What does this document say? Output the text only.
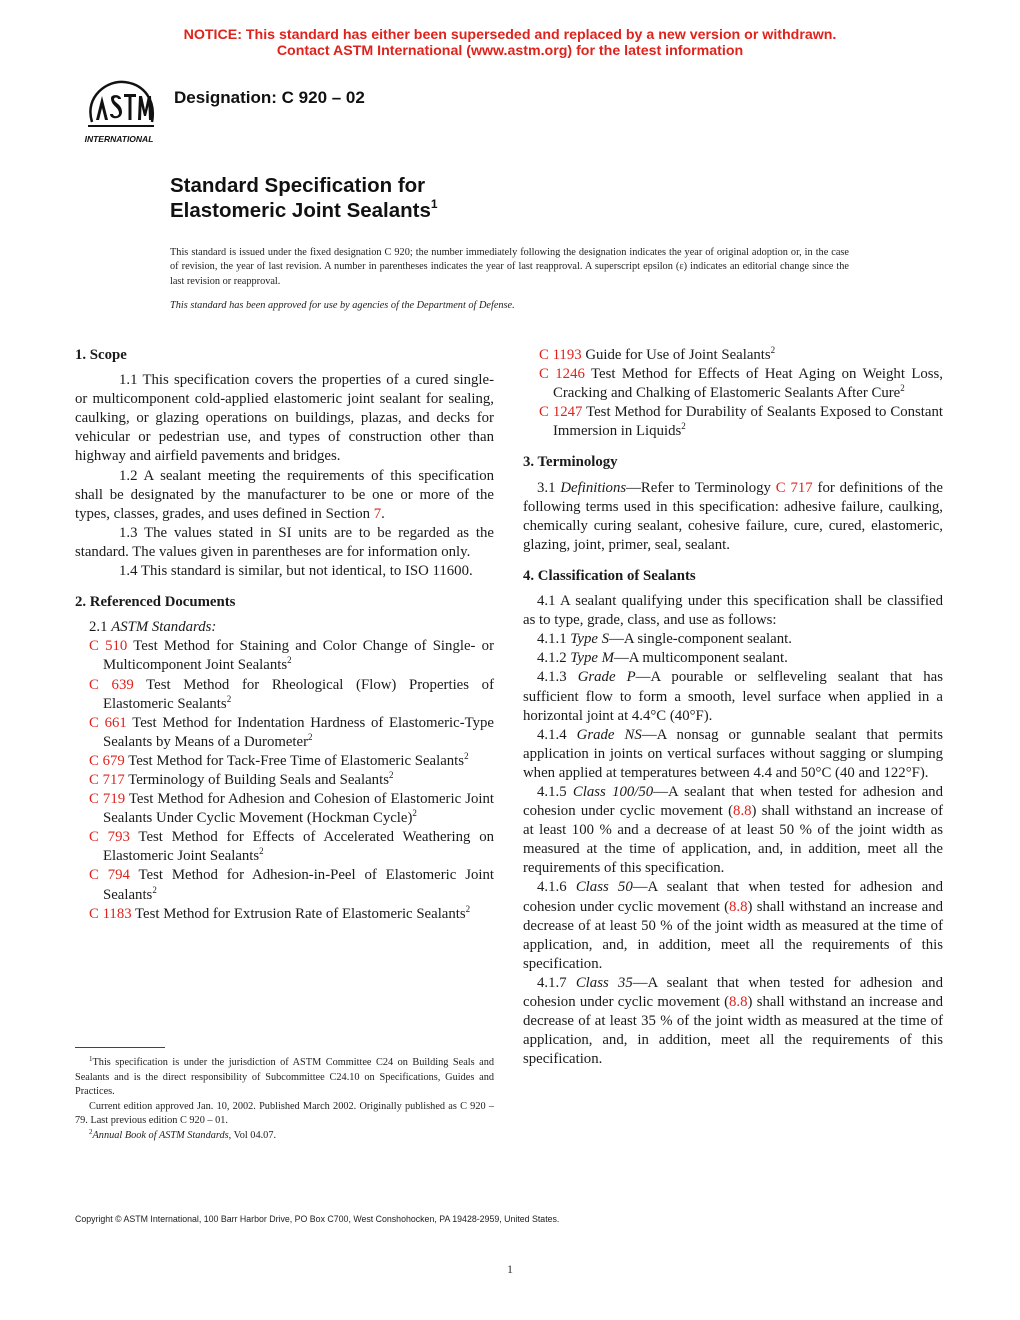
NOTICE: This standard has either been superseded and replaced by a new version or withdrawn.
Contact ASTM International (www.astm.org) for the latest information
INTERNATIONAL
Designation: C 920 – 02
Standard Specification for
Elastomeric Joint Sealants$^1$
This standard is issued under the fixed designation C 920; the number immediately following the designation indicates the year of original adoption or, in the case of revision, the year of last revision. A number in parentheses indicates the year of last reapproval. A superscript epsilon (ε) indicates an editorial change since the last revision or reapproval.
This standard has been approved for use by agencies of the Department of Defense.
1. Scope

1.1 This specification covers the properties of a cured single- or multicomponent cold-applied elastomeric joint sealant for sealing, caulking, or glazing operations on buildings, plazas, and decks for vehicular or pedestrian use, and types of construction other than highway and airfield pavements and bridges.

1.2 A sealant meeting the requirements of this specification shall be designated by the manufacturer to be one or more of the types, classes, grades, and uses defined in Section 7.

1.3 The values stated in SI units are to be regarded as the standard. The values given in parentheses are for information only.

1.4 This standard is similar, but not identical, to ISO 11600.

2. Referenced Documents

2.1 ASTM Standards:

C 510 Test Method for Staining and Color Change of Single- or Multicomponent Joint Sealants$^2$

C 639 Test Method for Rheological (Flow) Properties of Elastomeric Sealants$^2$

C 661 Test Method for Indentation Hardness of Elastomeric-Type Sealants by Means of a Durometer$^2$

C 679 Test Method for Tack-Free Time of Elastomeric Sealants$^2$

C 717 Terminology of Building Seals and Sealants$^2$

C 719 Test Method for Adhesion and Cohesion of Elastomeric Joint Sealants Under Cyclic Movement (Hockman Cycle)$^2$

C 793 Test Method for Effects of Accelerated Weathering on Elastomeric Joint Sealants$^2$

C 794 Test Method for Adhesion-in-Peel of Elastomeric Joint Sealants$^2$

C 1183 Test Method for Extrusion Rate of Elastomeric Sealants$^2$

C 1193 Guide for Use of Joint Sealants$^2$

C 1246 Test Method for Effects of Heat Aging on Weight Loss, Cracking and Chalking of Elastomeric Sealants After Cure$^2$

C 1247 Test Method for Durability of Sealants Exposed to Constant Immersion in Liquids$^2$

3. Terminology

3.1 Definitions—Refer to Terminology C 717 for definitions of the following terms used in this specification: adhesive failure, caulking, chemically curing sealant, cohesive failure, cure, cured, elastomeric, glazing, joint, primer, seal, sealant.

4. Classification of Sealants

4.1 A sealant qualifying under this specification shall be classified as to type, grade, class, and use as follows:

4.1.1 Type S—A single-component sealant.

4.1.2 Type M—A multicomponent sealant.

4.1.3 Grade P—A pourable or selfleveling sealant that has sufficient flow to form a smooth, level surface when applied in a horizontal joint at 4.4°C (40°F).

4.1.4 Grade NS—A nonsag or gunnable sealant that permits application in joints on vertical surfaces without sagging or slumping when applied at temperatures between 4.4 and 50°C (40 and 122°F).

4.1.5 Class 100/50—A sealant that when tested for adhesion and cohesion under cyclic movement (8.8) shall withstand an increase of at least 100 % and a decrease of at least 50 % of the joint width as measured at the time of application, and, in addition, meet all the requirements of this specification.

4.1.6 Class 50—A sealant that when tested for adhesion and cohesion under cyclic movement (8.8) shall withstand an increase and decrease of at least 50 % of the joint width as measured at the time of application, and, in addition, meet all the requirements of this specification.

4.1.7 Class 35—A sealant that when tested for adhesion and cohesion under cyclic movement (8.8) shall withstand an increase and decrease of at least 35 % of the joint width as measured at the time of application, and, in addition, meet all the requirements of this specification.

$^1$This specification is under the jurisdiction of ASTM Committee C24 on Building Seals and Sealants and is the direct responsibility of Subcommittee C24.10 on Specifications, Guides and Practices.

Current edition approved Jan. 10, 2002. Published March 2002. Originally published as C 920 – 79. Last previous edition C 920 – 01.

$^2$Annual Book of ASTM Standards, Vol 04.07.

Copyright © ASTM International, 100 Barr Harbor Drive, PO Box C700, West Conshohocken, PA 19428-2959, United States.
1
